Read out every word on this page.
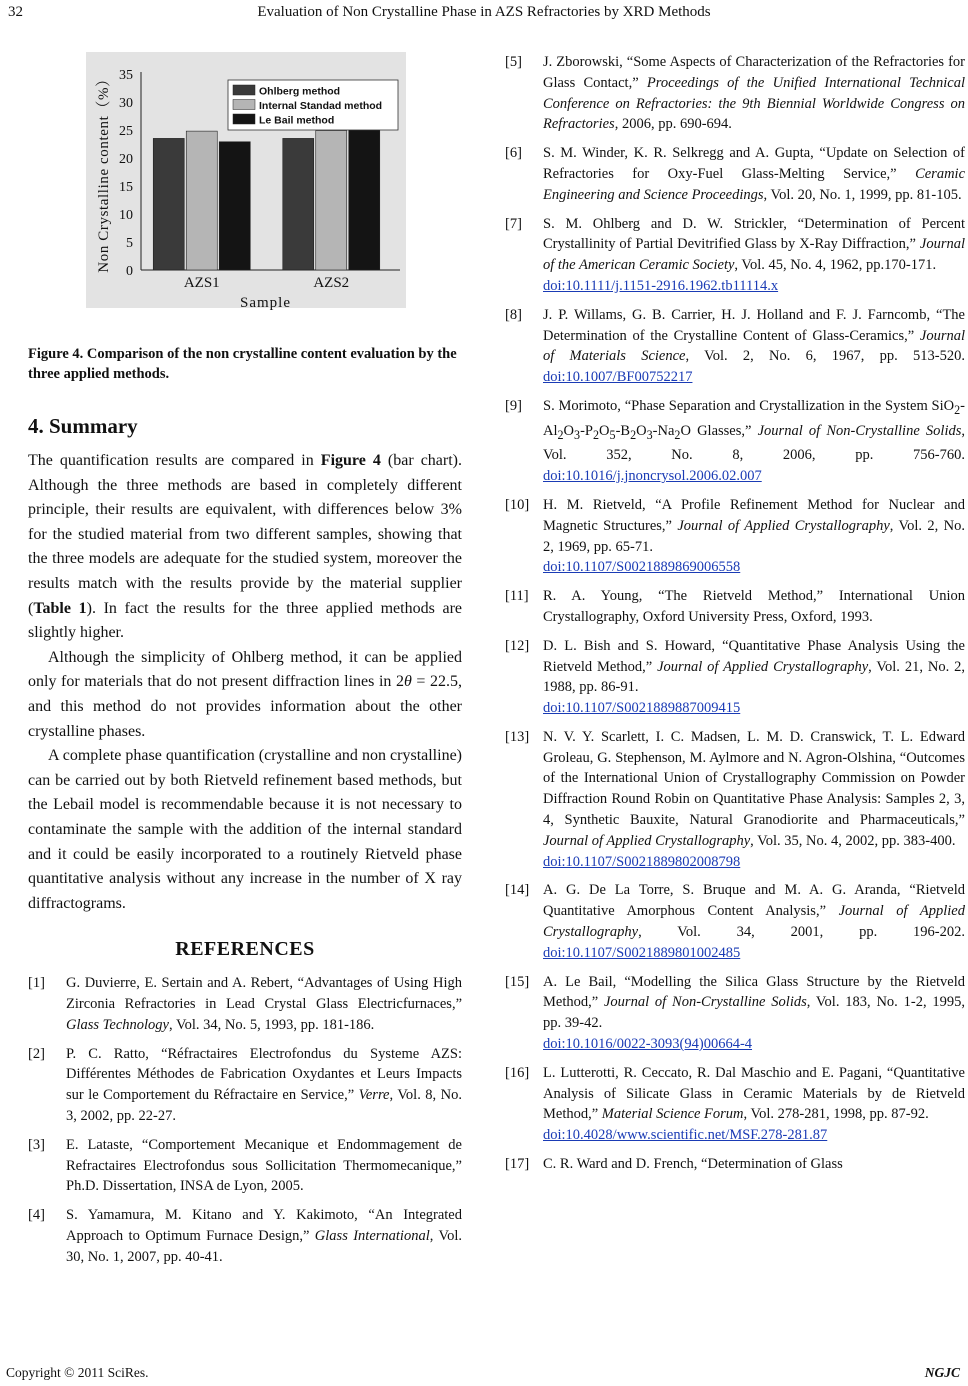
32	Evaluation of Non Crystalline Phase in AZS Refractories by XRD Methods
0
5
10
15
20
25
30
35
AZS1	AZS2
Sample
Non Crystalline content（%）	Ohlberg method
Internal Standad method
Le Bail method
Figure 4. Comparison of the non crystalline content evaluation by the three applied methods.
4. Summary

The quantification results are compared in Figure 4 (bar chart). Although the three methods are based in completely different principle, their results are equivalent, with differences below 3% for the studied material from two different samples, showing that the three models are adequate for the studied system, moreover the results match with the results provide by the material supplier (Table 1). In fact the results for the three applied methods are slightly higher.

Although the simplicity of Ohlberg method, it can be applied only for materials that do not present diffraction lines in 2θ = 22.5, and this method do not provides information about the other crystalline phases.

A complete phase quantification (crystalline and non crystalline) can be carried out by both Rietveld refinement based methods, but the Lebail model is recommendable because it is not necessary to contaminate the sample with the addition of the internal standard and it could be easily incorporated to a routinely Rietveld phase quantitative analysis without any increase in the number of X ray diffractograms.

REFERENCES
[1]	G. Duvierre, E. Sertain and A. Rebert, “Advantages of Using High Zirconia Refractories in Lead Crystal Glass Electricfurnaces,” Glass Technology, Vol. 34, No. 5, 1993, pp. 181-186.
[2]	P. C. Ratto, “Réfractaires Electrofondus du Systeme AZS: Différentes Méthodes de Fabrication Oxydantes et Leurs Impacts sur le Comportement du Réfractaire en Service,” Verre, Vol. 8, No. 3, 2002, pp. 22-27.
[3]	E. Lataste, “Comportement Mecanique et Endommagement de Refractaires Electrofondus sous Sollicitation Thermomecanique,” Ph.D. Dissertation, INSA de Lyon, 2005.
[4]	S. Yamamura, M. Kitano and Y. Kakimoto, “An Integrated Approach to Optimum Furnace Design,” Glass International, Vol. 30, No. 1, 2007, pp. 40-41.
[5]	J. Zborowski, “Some Aspects of Characterization of the Refractories for Glass Contact,” Proceedings of the Unified International Technical Conference on Refractories: the 9th Biennial Worldwide Congress on Refractories, 2006, pp. 690-694.
[6]	S. M. Winder, K. R. Selkregg and A. Gupta, “Update on Selection of Refractories for Oxy-Fuel Glass-Melting Service,” Ceramic Engineering and Science Proceedings, Vol. 20, No. 1, 1999, pp. 81-105.
[7]	S. M. Ohlberg and D. W. Strickler, “Determination of Percent Crystallinity of Partial Devitrified Glass by X-Ray Diffraction,” Journal of the American Ceramic Society, Vol. 45, No. 4, 1962, pp.170-171.
doi:10.1111/j.1151-2916.1962.tb11114.x
[8]	J. P. Willams, G. B. Carrier, H. J. Holland and F. J. Farncomb, “The Determination of the Crystalline Content of Glass-Ceramics,” Journal of Materials Science, Vol. 2, No. 6, 1967, pp. 513-520. doi:10.1007/BF00752217
[9]	S. Morimoto, “Phase Separation and Crystallization in the System $SiO_2-Al_2O_3-P_2O_5-B_2O_3-Na_2O$ Glasses,” Journal of Non-Crystalline Solids, Vol. 352, No. 8, 2006, pp. 756-760. doi:10.1016/j.jnoncrysol.2006.02.007
[10] H. M. Rietveld, “A Profile Refinement Method for Nuclear and Magnetic Structures,” Journal of Applied Crystallography, Vol. 2, No. 2, 1969, pp. 65-71.
doi:10.1107/S0021889869006558
[11] R. A. Young, “The Rietveld Method,” International Union Crystallography, Oxford University Press, Oxford, 1993.
[12] D. L. Bish and S. Howard, “Quantitative Phase Analysis Using the Rietveld Method,” Journal of Applied Crystallography, Vol. 21, No. 2, 1988, pp. 86-91.
doi:10.1107/S0021889887009415
[13] N. V. Y. Scarlett, I. C. Madsen, L. M. D. Cranswick, T. L. Edward Groleau, G. Stephenson, M. Aylmore and N. Agron-Olshina, “Outcomes of the International Union of Crystallography Commission on Powder Diffraction Round Robin on Quantitative Phase Analysis: Samples 2, 3, 4, Synthetic Bauxite, Natural Granodiorite and Pharmaceuticals,” Journal of Applied Crystallography, Vol. 35, No. 4, 2002, pp. 383-400.
doi:10.1107/S0021889802008798
[14] A. G. De La Torre, S. Bruque and M. A. G. Aranda, “Rietveld Quantitative Amorphous Content Analysis,” Journal of Applied Crystallography, Vol. 34, 2001, pp. 196-202. doi:10.1107/S0021889801002485
[15] A. Le Bail, “Modelling the Silica Glass Structure by the Rietveld Method,” Journal of Non-Crystalline Solids, Vol. 183, No. 1-2, 1995, pp. 39-42.
doi:10.1016/0022-3093(94)00664-4
[16] L. Lutterotti, R. Ceccato, R. Dal Maschio and E. Pagani, “Quantitative Analysis of Silicate Glass in Ceramic Materials by de Rietveld Method,” Material Science Forum, Vol. 278-281, 1998, pp. 87-92.
doi:10.4028/www.scientific.net/MSF.278-281.87
[17] C. R. Ward and D. French, “Determination of Glass
Copyright © 2011 SciRes.	NGJC
